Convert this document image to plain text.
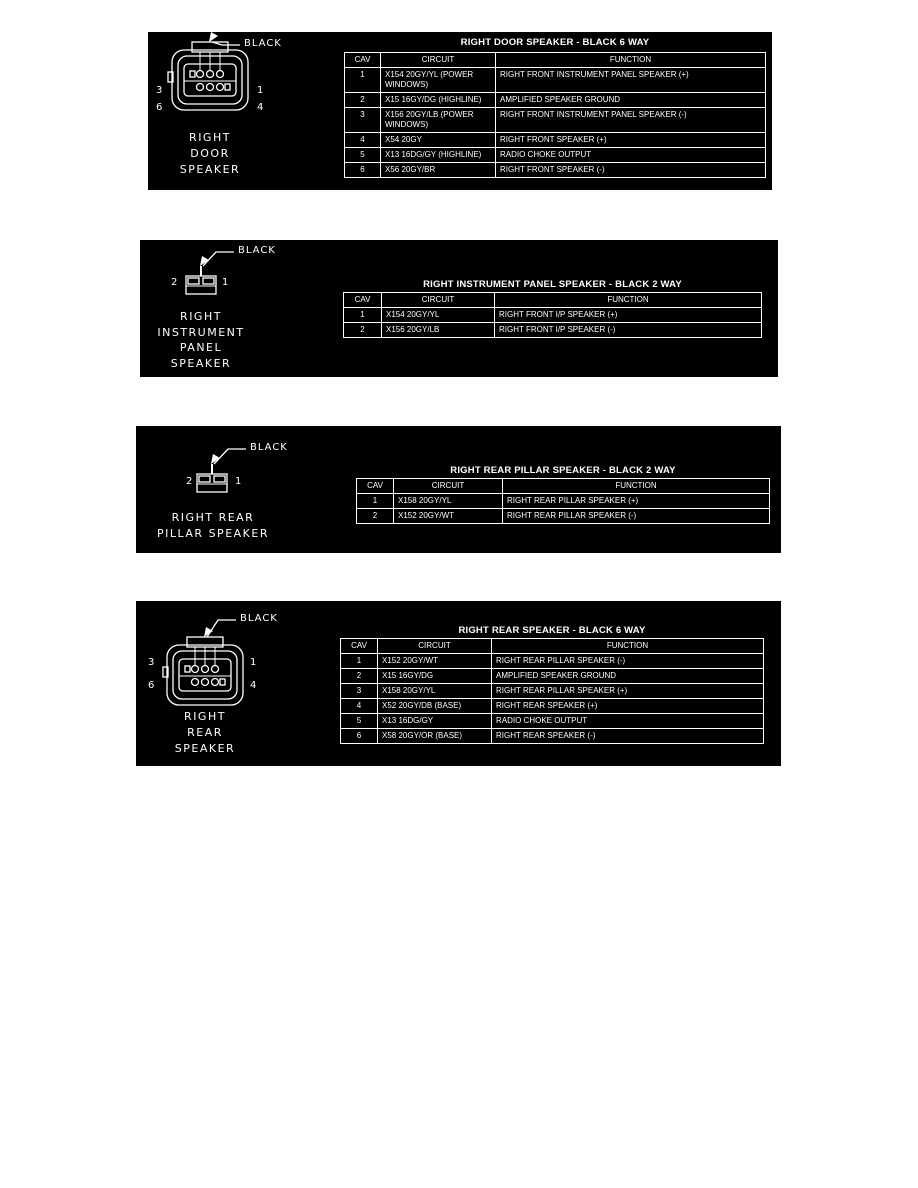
BLACK
3	1
6	4
RIGHT
DOOR
SPEAKER
RIGHT DOOR SPEAKER - BLACK 6 WAY
CAV	CIRCUIT	FUNCTION
1	X154 20GY/YL (POWER WINDOWS)	RIGHT FRONT INSTRUMENT PANEL SPEAKER (+)
2	X15 16GY/DG (HIGHLINE)	AMPLIFIED SPEAKER GROUND
3	X156 20GY/LB (POWER WINDOWS)	RIGHT FRONT INSTRUMENT PANEL SPEAKER (-)
4	X54 20GY	RIGHT FRONT SPEAKER (+)
5	X13 16DG/GY (HIGHLINE)	RADIO CHOKE OUTPUT
6	X56 20GY/BR	RIGHT FRONT SPEAKER (-)
BLACK
2	1
RIGHT
INSTRUMENT
PANEL
SPEAKER
RIGHT INSTRUMENT PANEL SPEAKER - BLACK 2 WAY
CAV	CIRCUIT	FUNCTION
1	X154 20GY/YL	RIGHT FRONT I/P SPEAKER (+)
2	X156 20GY/LB	RIGHT FRONT I/P SPEAKER (-)
BLACK
2	1
RIGHT REAR
PILLAR SPEAKER
RIGHT REAR PILLAR SPEAKER - BLACK 2 WAY
CAV	CIRCUIT	FUNCTION
1	X158 20GY/YL	RIGHT REAR PILLAR SPEAKER (+)
2	X152 20GY/WT	RIGHT REAR PILLAR SPEAKER (-)
BLACK
3	1
6	4
RIGHT
REAR
SPEAKER
RIGHT REAR SPEAKER - BLACK 6 WAY
CAV	CIRCUIT	FUNCTION
1	X152 20GY/WT	RIGHT REAR PILLAR SPEAKER (-)
2	X15 16GY/DG	AMPLIFIED SPEAKER GROUND
3	X158 20GY/YL	RIGHT REAR PILLAR SPEAKER (+)
4	X52 20GY/DB (BASE)	RIGHT REAR SPEAKER (+)
5	X13 16DG/GY	RADIO CHOKE OUTPUT
6	X58 20GY/OR (BASE)	RIGHT REAR SPEAKER (-)
